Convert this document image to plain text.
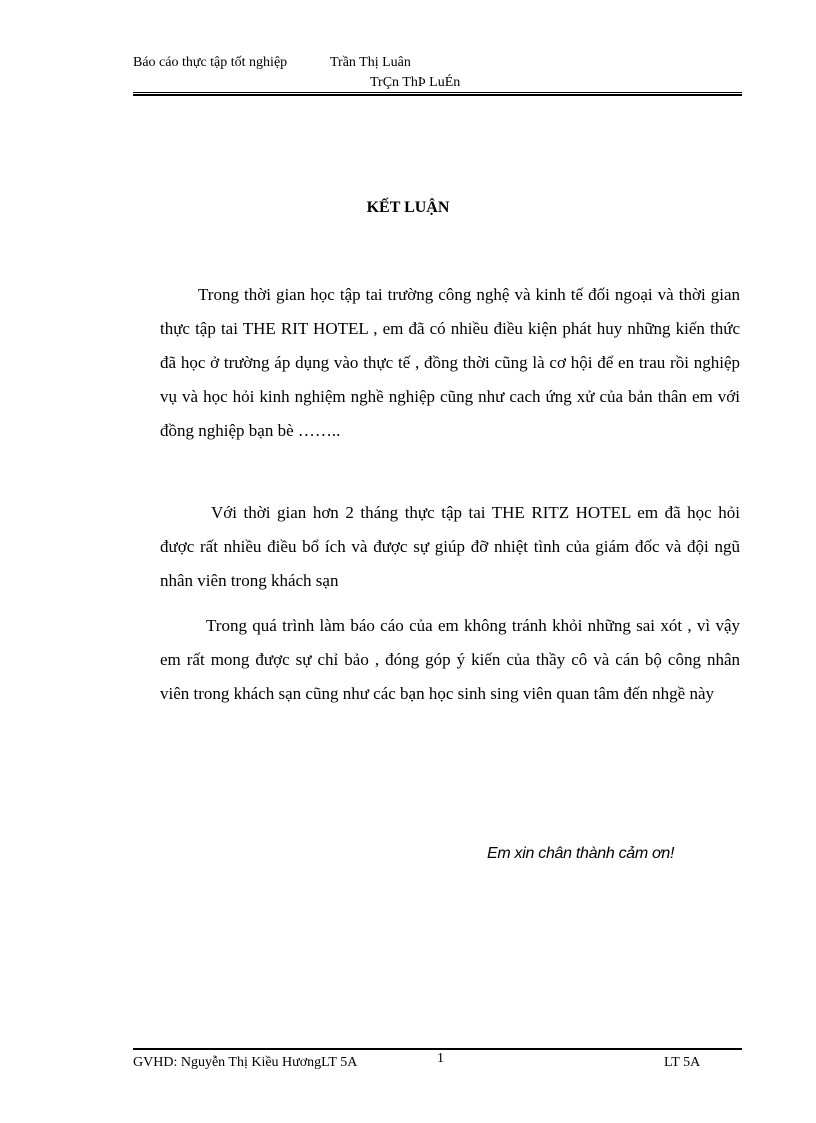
Báo cáo thực tập tốt nghiệp	Trần Thị Luân
TrÇn ThÞ LuÉn
KẾT LUẬN
Trong thời gian học tập tai trường công nghệ và kinh tế đối ngoại và thời gian thực tập tai THE RIT HOTEL , em đã có nhiều điều kiện phát huy những kiến thức đã học ở trường áp dụng vào thực tế , đồng thời cũng là cơ hội để en trau rồi nghiệp vụ và học hỏi kinh nghiệm nghề nghiệp cũng như cach ứng xử của bản thân em với đồng nghiệp bạn bè ……..
Với thời gian hơn 2 tháng thực tập tai THE RITZ HOTEL em đã học hỏi được rất nhiều điều bổ ích và được sự giúp đỡ nhiệt tình của giám đốc và đội ngũ nhân viên trong khách sạn
Trong quá trình làm báo cáo của em không tránh khỏi những sai xót , vì vậy em rất mong được sự chỉ bảo , đóng góp ý kiến của thầy cô và cán bộ công nhân viên trong khách sạn cũng như các bạn học sinh sing viên quan tâm đến nhgề này
Em xin chân thành cảm ơn!
GVHD: Nguyễn Thị Kiều HươngLT 5A	1	LT 5A
